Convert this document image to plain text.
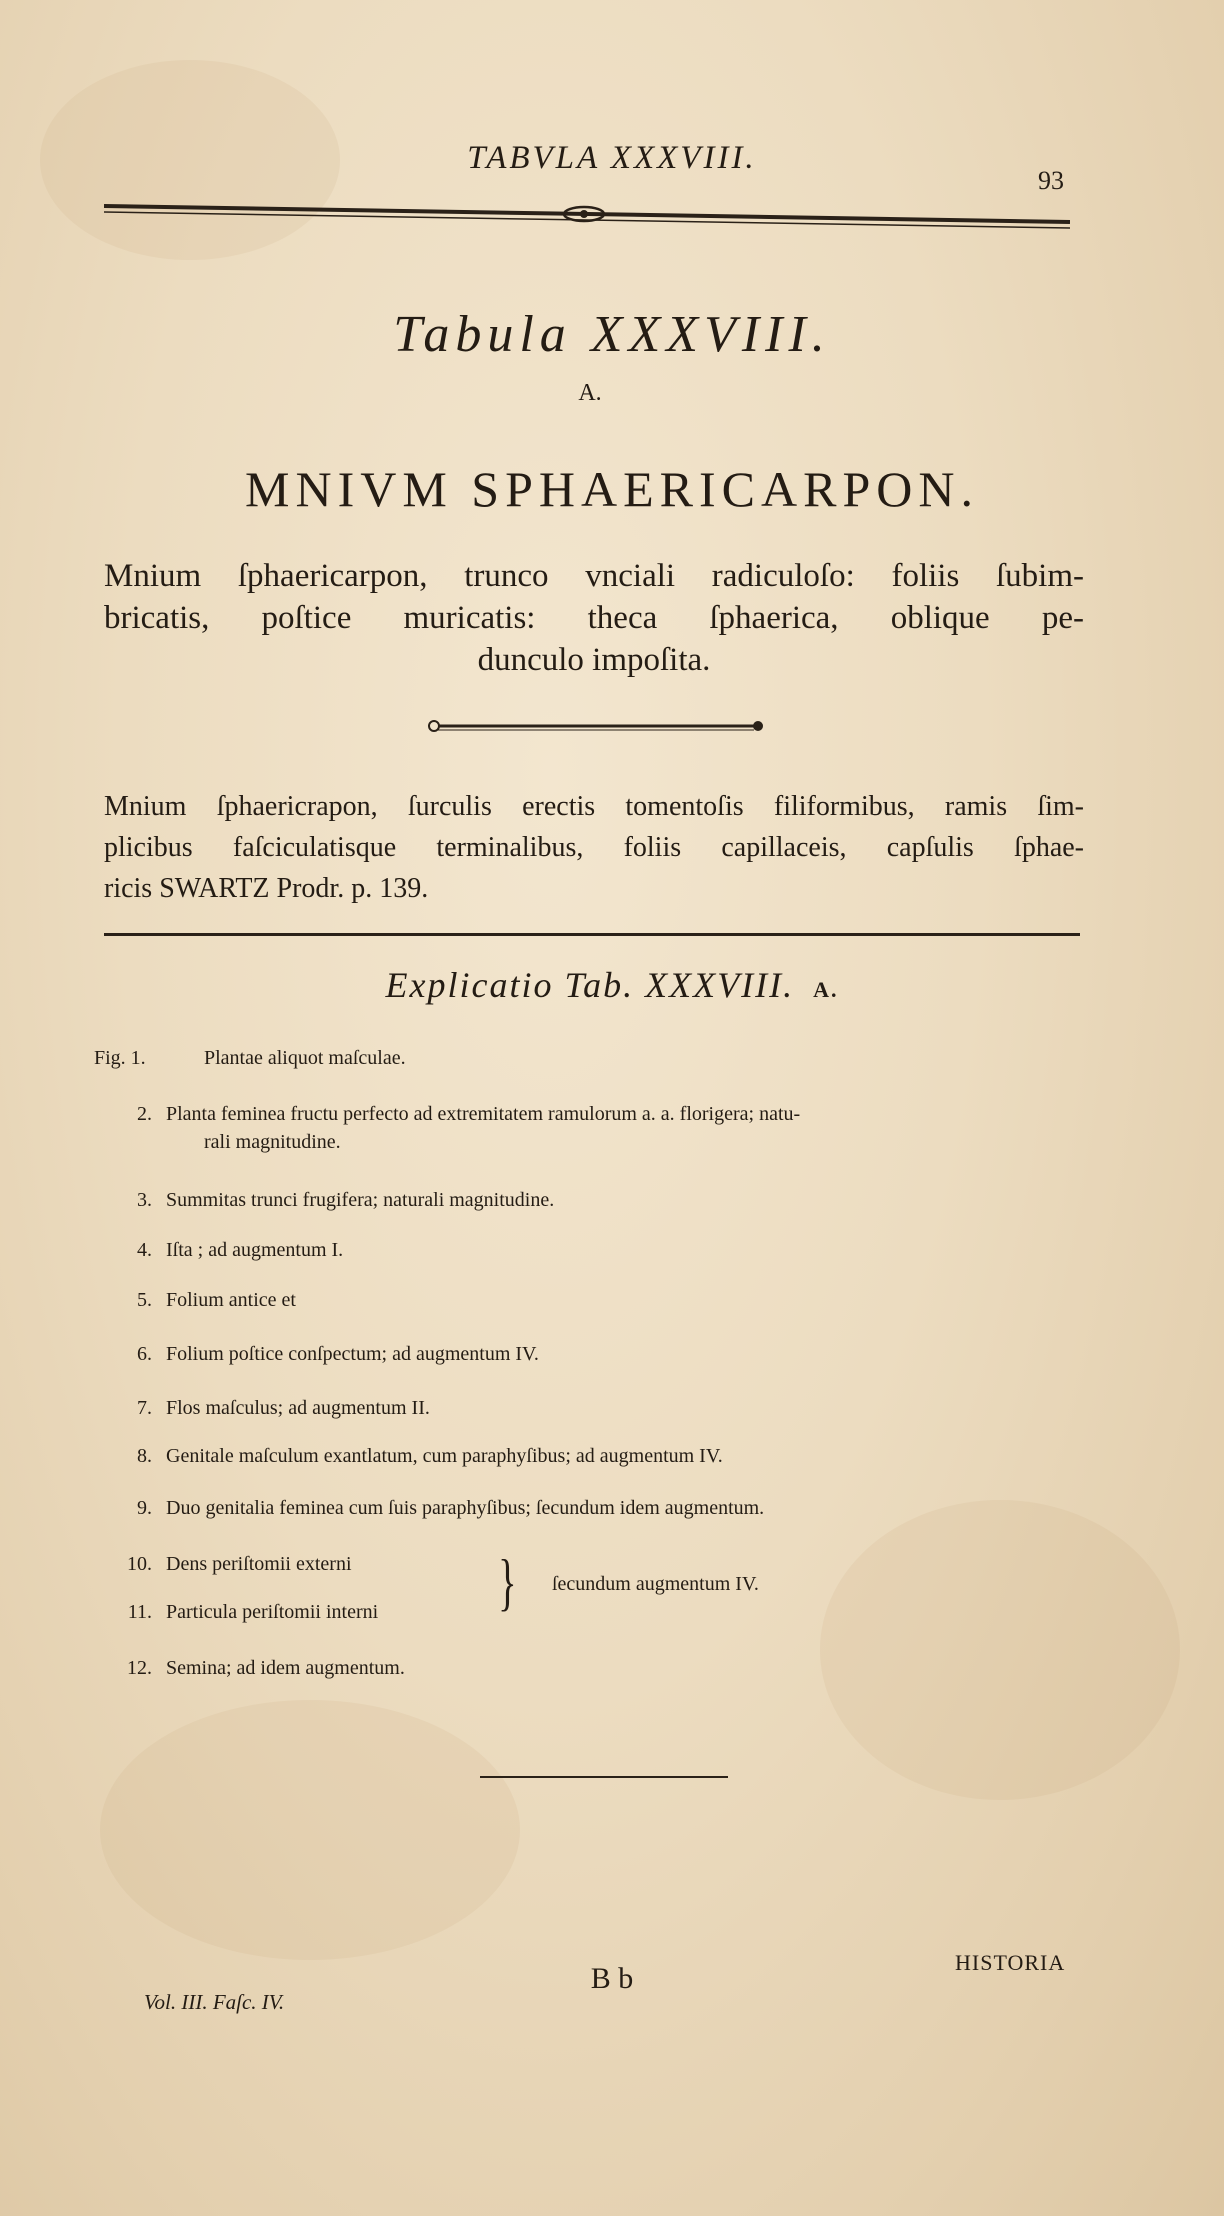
TABVLA XXXVIII.
93
Tabula XXXVIII.
A.
MNIVM SPHAERICARPON.
Mnium ſphaericarpon, trunco vnciali radiculoſo: foliis ſubim-
bricatis, poſtice muricatis: theca ſphaerica, oblique pe-
dunculo impoſita.
Mnium ſphaericrapon, ſurculis erectis tomentoſis filiformibus, ramis ſim-
plicibus faſciculatisque terminalibus, foliis capillaceis, capſulis ſphae-
ricis SWARTZ Prodr. p. 139.
Explicatio Tab. XXXVIII. A.
Fig. 1.	Plantae aliquot maſculae.
2. Planta feminea fructu perfecto ad extremitatem ramulorum a. a. florigera; natu-
rali magnitudine.
3. Summitas trunci frugifera; naturali magnitudine.
4. Iſta ; ad augmentum I.
5. Folium antice et
6. Folium poſtice conſpectum; ad augmentum IV.
7. Flos maſculus; ad augmentum II.
8. Genitale maſculum exantlatum, cum paraphyſibus; ad augmentum IV.
9. Duo genitalia feminea cum ſuis paraphyſibus; ſecundum idem augmentum.
10. Dens periſtomii externi
11. Particula periſtomii interni	} ſecundum augmentum IV.
12. Semina; ad idem augmentum.
B b
Vol. III. Faſc. IV.
HISTORIA
